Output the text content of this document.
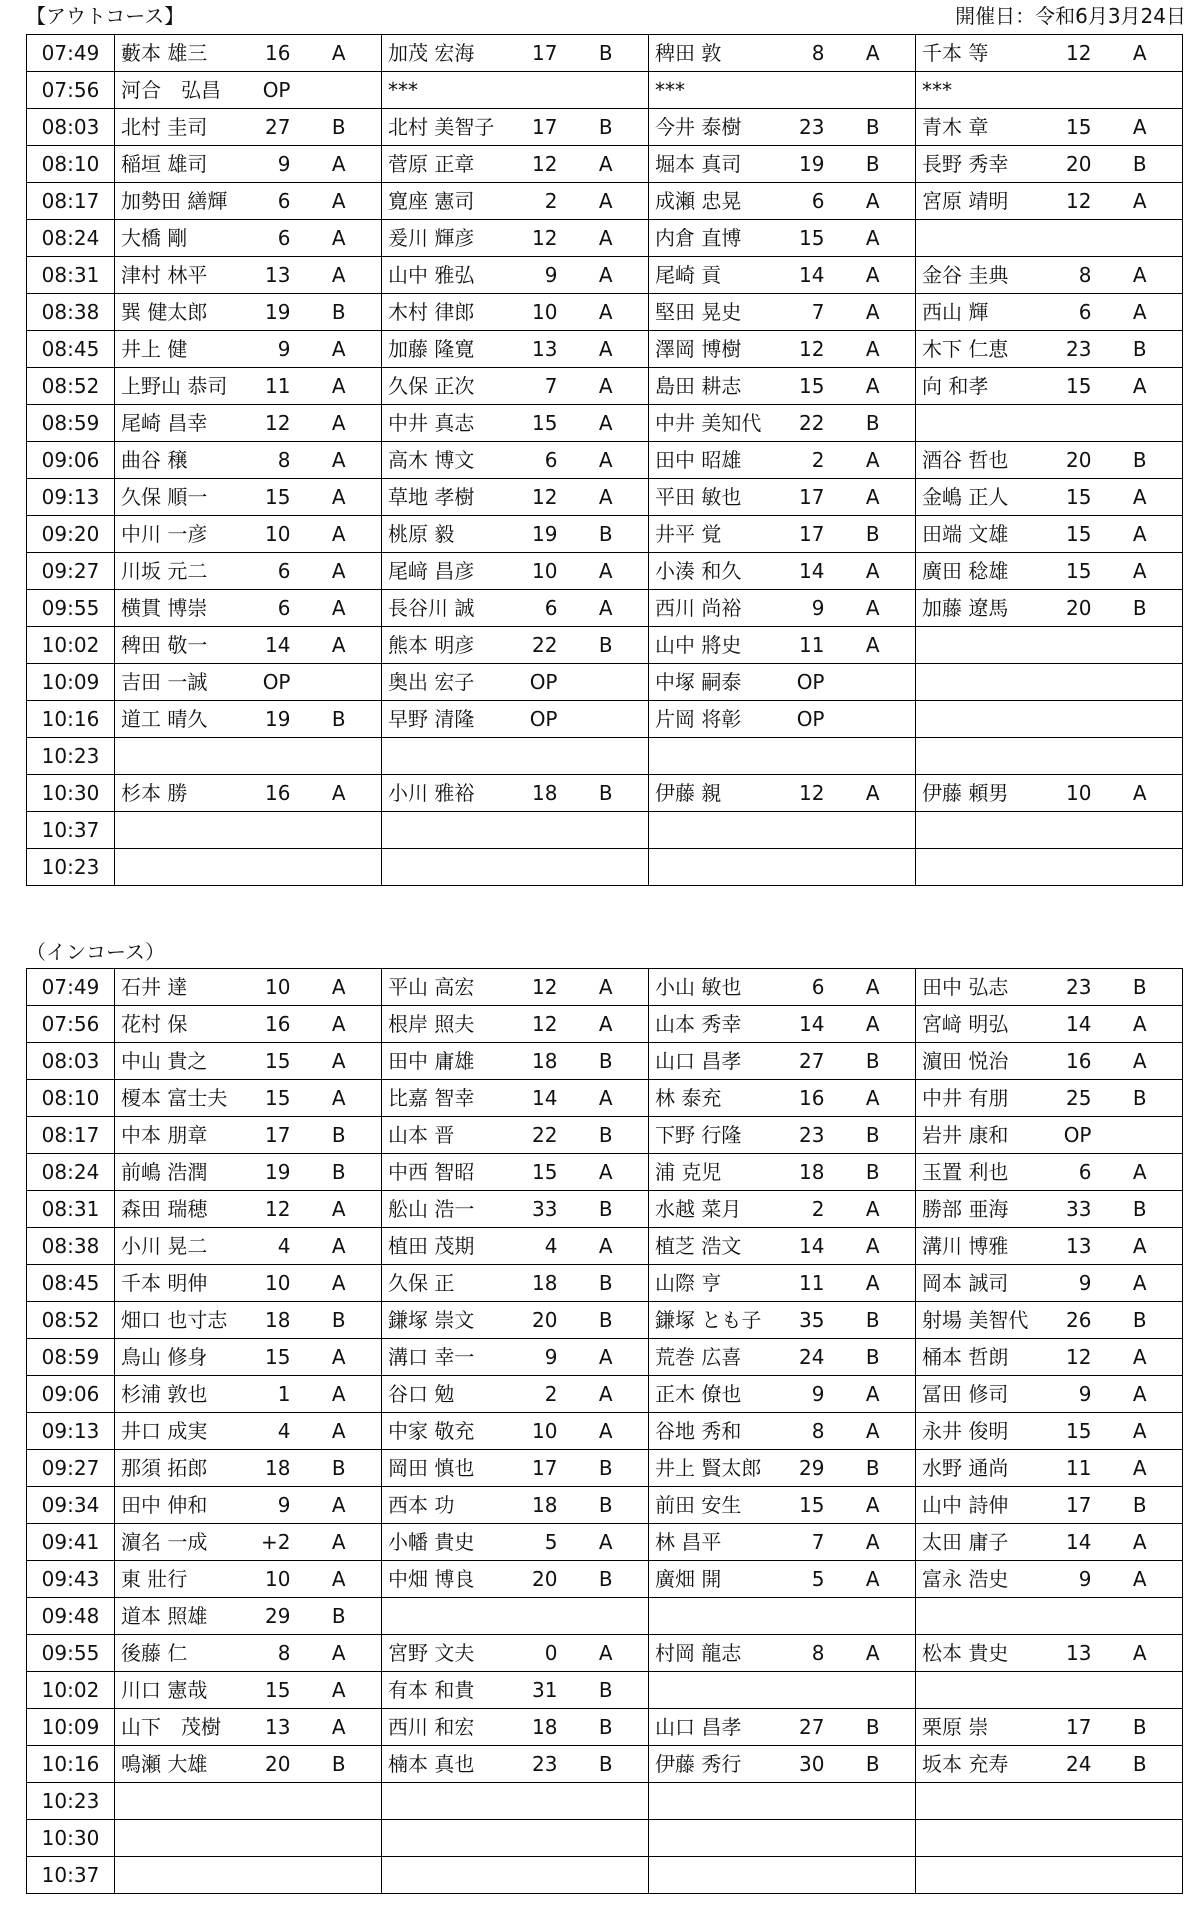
【アウトコース】	開催日：令和6月3月24日
07:49	藪本 雄三	16	A	加茂 宏海	17	B	稗田 敦	8	A	千本 等	12	A
07:56	河合　弘昌	OP		***			***			***		
08:03	北村 圭司	27	B	北村 美智子	17	B	今井 泰樹	23	B	青木 章	15	A
08:10	稲垣 雄司	9	A	菅原 正章	12	A	堀本 真司	19	B	長野 秀幸	20	B
08:17	加勢田 繕輝	6	A	寛座 憲司	2	A	成瀬 忠晃	6	A	宮原 靖明	12	A
08:24	大橋 剛	6	A	爰川 輝彦	12	A	内倉 直博	15	A			
08:31	津村 林平	13	A	山中 雅弘	9	A	尾崎 貢	14	A	金谷 圭典	8	A
08:38	巽 健太郎	19	B	木村 律郎	10	A	堅田 晃史	7	A	西山 輝	6	A
08:45	井上 健	9	A	加藤 隆寛	13	A	澤岡 博樹	12	A	木下 仁恵	23	B
08:52	上野山 恭司	11	A	久保 正次	7	A	島田 耕志	15	A	向 和孝	15	A
08:59	尾崎 昌幸	12	A	中井 真志	15	A	中井 美知代	22	B			
09:06	曲谷 穣	8	A	高木 博文	6	A	田中 昭雄	2	A	酒谷 哲也	20	B
09:13	久保 順一	15	A	草地 孝樹	12	A	平田 敏也	17	A	金嶋 正人	15	A
09:20	中川 一彦	10	A	桃原 毅	19	B	井平 覚	17	B	田端 文雄	15	A
09:27	川坂 元二	6	A	尾﨑 昌彦	10	A	小湊 和久	14	A	廣田 稔雄	15	A
09:55	横貫 博崇	6	A	長谷川 誠	6	A	西川 尚裕	9	A	加藤 遼馬	20	B
10:02	稗田 敬一	14	A	熊本 明彦	22	B	山中 將史	11	A			
10:09	吉田 一誠	OP		奥出 宏子	OP		中塚 嗣泰	OP				
10:16	道工 晴久	19	B	早野 清隆	OP		片岡 将彰	OP				
10:23												
10:30	杉本 勝	16	A	小川 雅裕	18	B	伊藤 親	12	A	伊藤 頼男	10	A
10:37												
10:23												
（インコース）
07:49	石井 達	10	A	平山 高宏	12	A	小山 敏也	6	A	田中 弘志	23	B
07:56	花村 保	16	A	根岸 照夫	12	A	山本 秀幸	14	A	宮﨑 明弘	14	A
08:03	中山 貴之	15	A	田中 庸雄	18	B	山口 昌孝	27	B	濵田 悦治	16	A
08:10	榎本 富士夫	15	A	比嘉 智幸	14	A	林 泰充	16	A	中井 有朋	25	B
08:17	中本 朋章	17	B	山本 晋	22	B	下野 行隆	23	B	岩井 康和	OP	
08:24	前嶋 浩潤	19	B	中西 智昭	15	A	浦 克児	18	B	玉置 利也	6	A
08:31	森田 瑞穂	12	A	舩山 浩一	33	B	水越 菜月	2	A	勝部 亜海	33	B
08:38	小川 晃二	4	A	植田 茂期	4	A	植芝 浩文	14	A	溝川 博雅	13	A
08:45	千本 明伸	10	A	久保 正	18	B	山際 亨	11	A	岡本 誠司	9	A
08:52	畑口 也寸志	18	B	鎌塚 崇文	20	B	鎌塚 とも子	35	B	射場 美智代	26	B
08:59	鳥山 修身	15	A	溝口 幸一	9	A	荒巻 広喜	24	B	桶本 哲朗	12	A
09:06	杉浦 敦也	1	A	谷口 勉	2	A	正木 僚也	9	A	冨田 修司	9	A
09:13	井口 成実	4	A	中家 敬充	10	A	谷地 秀和	8	A	永井 俊明	15	A
09:27	那須 拓郎	18	B	岡田 慎也	17	B	井上 賢太郎	29	B	水野 通尚	11	A
09:34	田中 伸和	9	A	西本 功	18	B	前田 安生	15	A	山中 詩伸	17	B
09:41	濵名 一成	+2	A	小幡 貴史	5	A	林 昌平	7	A	太田 庸子	14	A
09:43	東 壯行	10	A	中畑 博良	20	B	廣畑 開	5	A	富永 浩史	9	A
09:48	道本 照雄	29	B									
09:55	後藤 仁	8	A	宮野 文夫	0	A	村岡 龍志	8	A	松本 貴史	13	A
10:02	川口 憲哉	15	A	有本 和貴	31	B						
10:09	山下　茂樹	13	A	西川 和宏	18	B	山口 昌孝	27	B	栗原 崇	17	B
10:16	鳴瀬 大雄	20	B	楠本 真也	23	B	伊藤 秀行	30	B	坂本 充寿	24	B
10:23												
10:30												
10:37												
